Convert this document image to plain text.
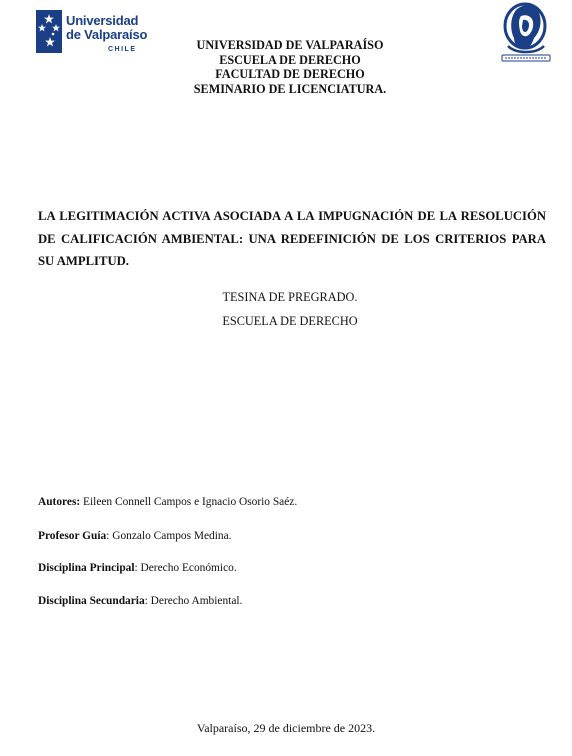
Universidad
de Valparaíso
CHILE	UNIVERSIDAD DE VALPARAÍSO
ESCUELA DE DERECHO
FACULTAD DE DERECHO
SEMINARIO DE LICENCIATURA.
LA LEGITIMACIÓN ACTIVA ASOCIADA A LA IMPUGNACIÓN DE LA RESOLUCIÓN DE CALIFICACIÓN AMBIENTAL: UNA REDEFINICIÓN DE LOS CRITERIOS PARA SU AMPLITUD.
TESINA DE PREGRADO.
ESCUELA DE DERECHO
Autores: Eileen Connell Campos e Ignacio Osorio Saéz.
Profesor Guía: Gonzalo Campos Medina.
Disciplina Principal: Derecho Económico.
Disciplina Secundaria: Derecho Ambiental.
Valparaíso, 29 de diciembre de 2023.
